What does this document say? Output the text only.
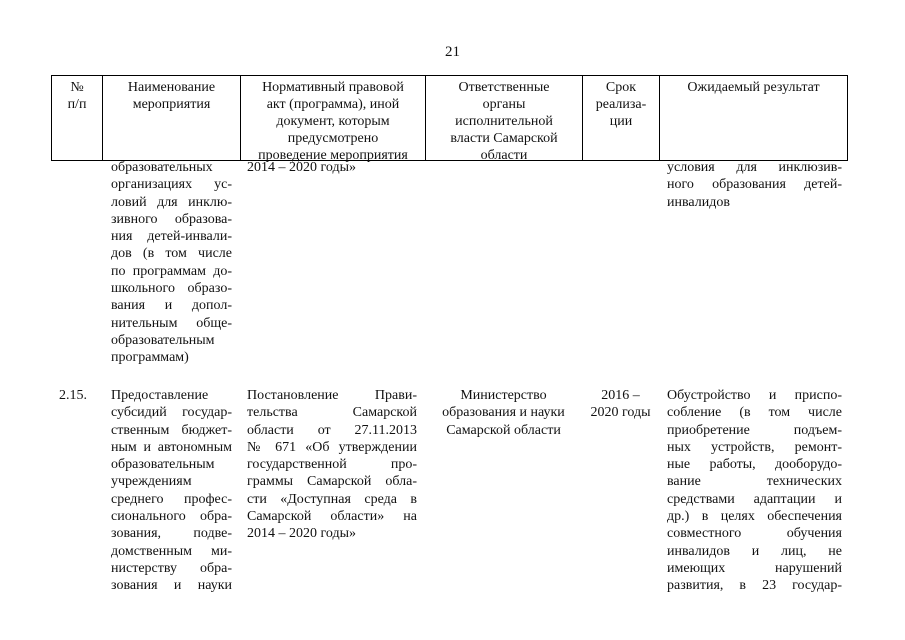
21
№
п/п
Наименование
мероприятия
Нормативный правовой
акт (программа), иной
документ, которым
предусмотрено
проведение мероприятия
Ответственные
органы
исполнительной
власти Самарской
области
Срок
реализа-
ции
Ожидаемый результат
образовательных
организациях ус-
ловий для инклю-
зивного образова-
ния детей-инвали-
дов (в том числе
по программам до-
школьного образо-
вания и допол-
нительным обще-
образовательным
программам)
2014 – 2020 годы»	условия для инклюзив-
ного образования детей-
инвалидов
2.15.	Предоставление
субсидий государ-
ственным бюджет-
ным и автономным
образовательным
учреждениям
среднего профес-
сионального обра-
зования, подве-
домственным ми-
нистерству обра-
зования и науки
Постановление Прави-
тельства Самарской
области от 27.11.2013
№ 671 «Об утверждении
государственной про-
граммы Самарской обла-
сти «Доступная среда в
Самарской области» на
2014 – 2020 годы»
Министерство
образования и науки
Самарской области
2016 –
2020 годы
Обустройство и приспо-
собление (в том числе
приобретение подъем-
ных устройств, ремонт-
ные работы, дооборудо-
вание технических
средствами адаптации и
др.) в целях обеспечения
совместного обучения
инвалидов и лиц, не
имеющих нарушений
развития, в 23 государ-
